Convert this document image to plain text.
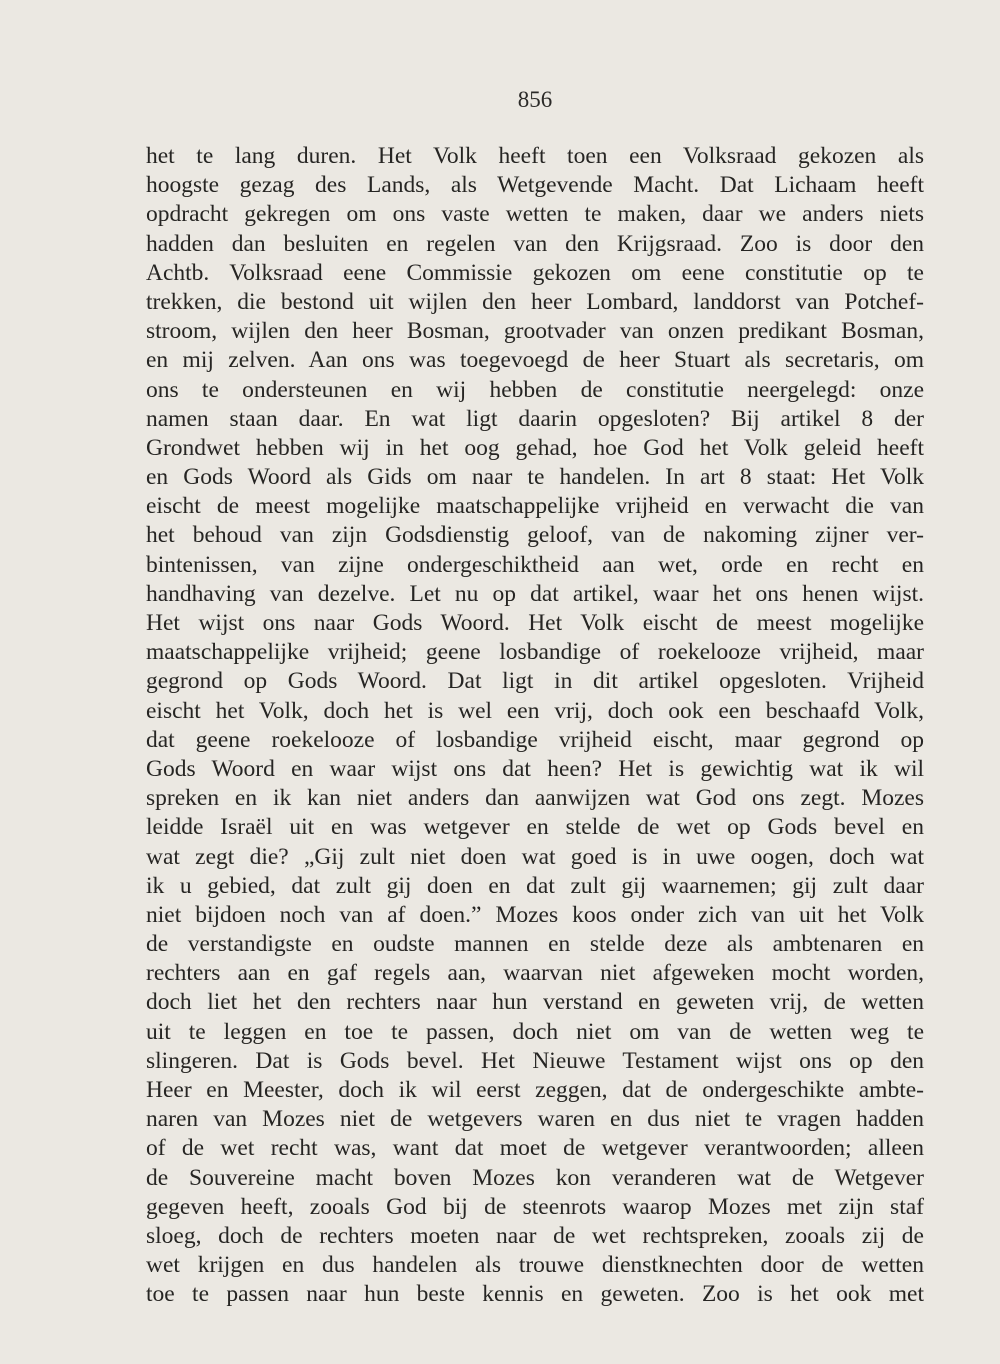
856
het te lang duren. Het Volk heeft toen een Volksraad gekozen als
hoogste gezag des Lands, als Wetgevende Macht. Dat Lichaam heeft
opdracht gekregen om ons vaste wetten te maken, daar we anders niets
hadden dan besluiten en regelen van den Krijgsraad. Zoo is door den
Achtb. Volksraad eene Commissie gekozen om eene constitutie op te
trekken, die bestond uit wijlen den heer Lombard, landdorst van Potchef-
stroom, wijlen den heer Bosman, grootvader van onzen predikant Bosman,
en mij zelven. Aan ons was toegevoegd de heer Stuart als secretaris, om
ons te ondersteunen en wij hebben de constitutie neergelegd: onze
namen staan daar. En wat ligt daarin opgesloten? Bij artikel 8 der
Grondwet hebben wij in het oog gehad, hoe God het Volk geleid heeft
en Gods Woord als Gids om naar te handelen. In art 8 staat: Het Volk
eischt de meest mogelijke maatschappelijke vrijheid en verwacht die van
het behoud van zijn Godsdienstig geloof, van de nakoming zijner ver-
bintenissen, van zijne ondergeschiktheid aan wet, orde en recht en
handhaving van dezelve. Let nu op dat artikel, waar het ons henen wijst.
Het wijst ons naar Gods Woord. Het Volk eischt de meest mogelijke
maatschappelijke vrijheid; geene losbandige of roekelooze vrijheid, maar
gegrond op Gods Woord. Dat ligt in dit artikel opgesloten. Vrijheid
eischt het Volk, doch het is wel een vrij, doch ook een beschaafd Volk,
dat geene roekelooze of losbandige vrijheid eischt, maar gegrond op
Gods Woord en waar wijst ons dat heen? Het is gewichtig wat ik wil
spreken en ik kan niet anders dan aanwijzen wat God ons zegt. Mozes
leidde Israël uit en was wetgever en stelde de wet op Gods bevel en
wat zegt die? „Gij zult niet doen wat goed is in uwe oogen, doch wat
ik u gebied, dat zult gij doen en dat zult gij waarnemen; gij zult daar
niet bijdoen noch van af doen.” Mozes koos onder zich van uit het Volk
de verstandigste en oudste mannen en stelde deze als ambtenaren en
rechters aan en gaf regels aan, waarvan niet afgeweken mocht worden,
doch liet het den rechters naar hun verstand en geweten vrij, de wetten
uit te leggen en toe te passen, doch niet om van de wetten weg te
slingeren. Dat is Gods bevel. Het Nieuwe Testament wijst ons op den
Heer en Meester, doch ik wil eerst zeggen, dat de ondergeschikte ambte-
naren van Mozes niet de wetgevers waren en dus niet te vragen hadden
of de wet recht was, want dat moet de wetgever verantwoorden; alleen
de Souvereine macht boven Mozes kon veranderen wat de Wetgever
gegeven heeft, zooals God bij de steenrots waarop Mozes met zijn staf
sloeg, doch de rechters moeten naar de wet rechtspreken, zooals zij de
wet krijgen en dus handelen als trouwe dienstknechten door de wetten
toe te passen naar hun beste kennis en geweten. Zoo is het ook met
